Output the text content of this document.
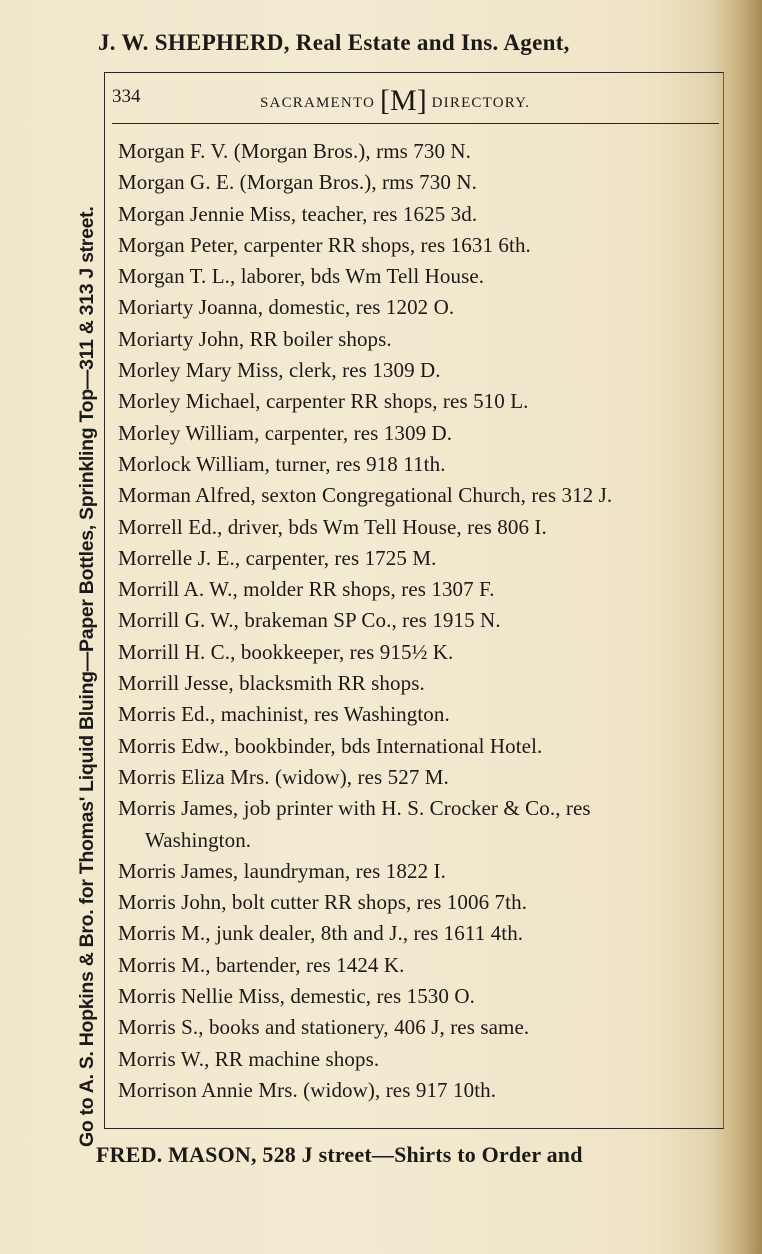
J. W. SHEPHERD, Real Estate and Ins. Agent,
Go to A. S. Hopkins & Bro. for Thomas' Liquid Bluing—Paper Bottles, Sprinkling Top—311 & 313 J street.
334	SACRAMENTO [M] DIRECTORY.
Morgan F. V. (Morgan Bros.), rms 730 N.
Morgan G. E. (Morgan Bros.), rms 730 N.
Morgan Jennie Miss, teacher, res 1625 3d.
Morgan Peter, carpenter RR shops, res 1631 6th.
Morgan T. L., laborer, bds Wm Tell House.
Moriarty Joanna, domestic, res 1202 O.
Moriarty John, RR boiler shops.
Morley Mary Miss, clerk, res 1309 D.
Morley Michael, carpenter RR shops, res 510 L.
Morley William, carpenter, res 1309 D.
Morlock William, turner, res 918 11th.
Morman Alfred, sexton Congregational Church, res 312 J.
Morrell Ed., driver, bds Wm Tell House, res 806 I.
Morrelle J. E., carpenter, res 1725 M.
Morrill A. W., molder RR shops, res 1307 F.
Morrill G. W., brakeman SP Co., res 1915 N.
Morrill H. C., bookkeeper, res 915½ K.
Morrill Jesse, blacksmith RR shops.
Morris Ed., machinist, res Washington.
Morris Edw., bookbinder, bds International Hotel.
Morris Eliza Mrs. (widow), res 527 M.
Morris James, job printer with H. S. Crocker & Co., res
Washington.
Morris James, laundryman, res 1822 I.
Morris John, bolt cutter RR shops, res 1006 7th.
Morris M., junk dealer, 8th and J., res 1611 4th.
Morris M., bartender, res 1424 K.
Morris Nellie Miss, demestic, res 1530 O.
Morris S., books and stationery, 406 J, res same.
Morris W., RR machine shops.
Morrison Annie Mrs. (widow), res 917 10th.
FRED. MASON, 528 J street—Shirts to Order and
